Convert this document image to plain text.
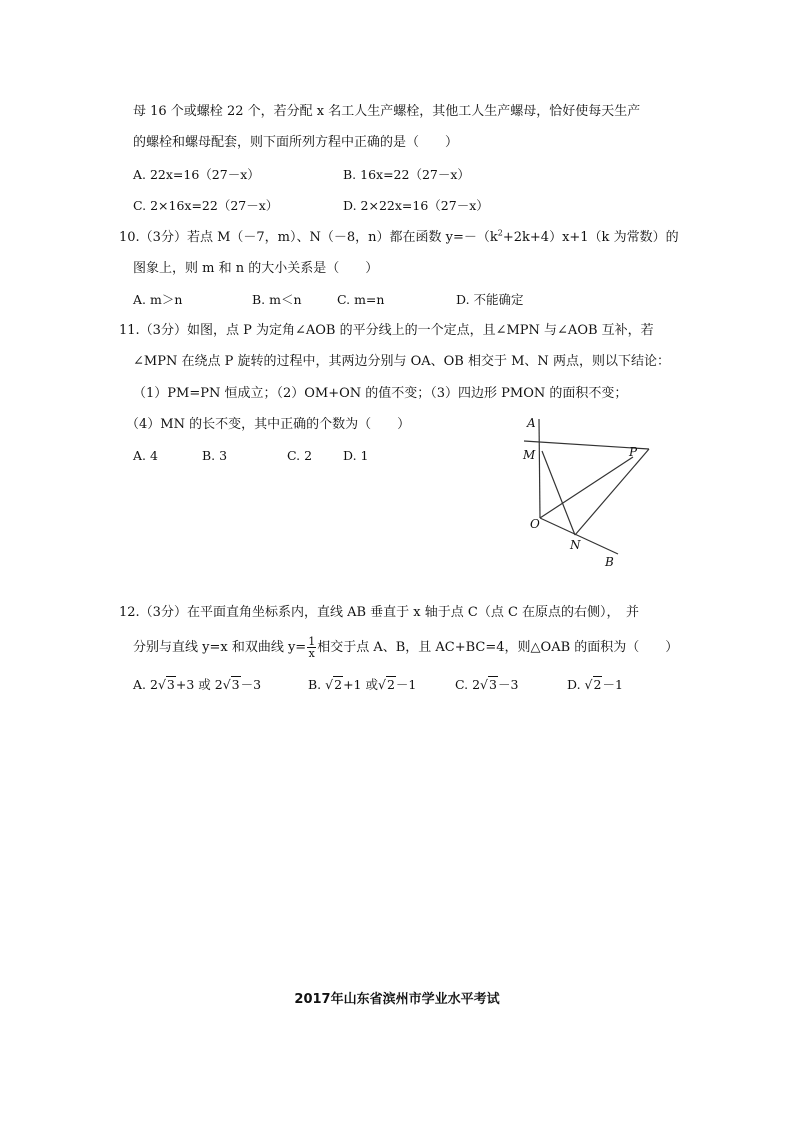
母 16 个或螺栓 22 个，若分配 x 名工人生产螺栓，其他工人生产螺母，恰好使每天生产
的螺栓和螺母配套，则下面所列方程中正确的是（　　）
A. 22x=16（27－x）	B. 16x=22（27－x）
C. 2×16x=22（27－x）	D. 2×22x=16（27－x）
10.（3分）若点 M（－7，m）、N（－8，n）都在函数 $y=-(k^2+2k+4)x+1(k$ 为常数）的
图象上，则 m 和 n 的大小关系是（　　）
A. m＞n	B. m＜n	C. m=n	D. 不能确定
11.（3分）如图，点 P 为定角∠AOB 的平分线上的一个定点，且∠MPN 与∠AOB 互补，若
∠MPN 在绕点 P 旋转的过程中，其两边分别与 OA、OB 相交于 M、N 两点，则以下结论：
（1）PM=PN 恒成立；（2）OM+ON 的值不变；（3）四边形 PMON 的面积不变；
（4）MN 的长不变，其中正确的个数为（　　）
A. 4	B. 3	C. 2 D. 1
A
M	P
O
N
B
12.（3分）在平面直角坐标系内，直线 AB 垂直于 x 轴于点 C（点 C 在原点的右侧），　并
分别与直线 y=x 和双曲线 $y= \frac{1}{x}$ 相交于点 A、B，且 AC+BC=4，则△OAB 的面积为（　　）
A. 2√3+3 或 2√3－3	B. √2+1 或√2－1	C. 2√3－3	D. √2－1
2017年山东省滨州市学业水平考试
